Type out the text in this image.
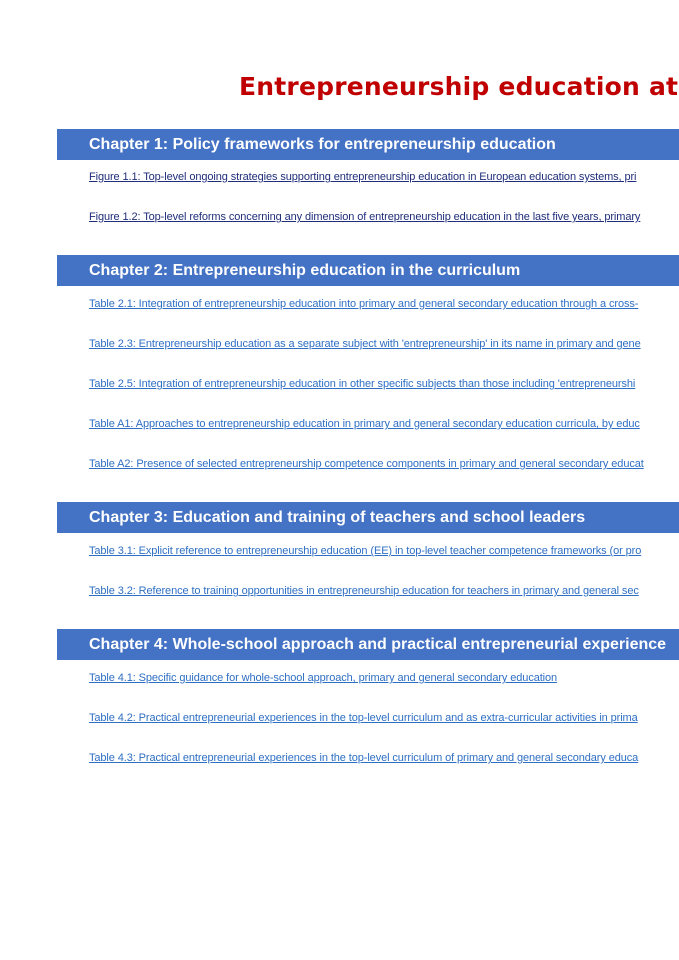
Entrepreneurship education at
Chapter 1: Policy frameworks for entrepreneurship education
Figure 1.1: Top-level ongoing strategies supporting entrepreneurship education in European education systems, pri
Figure 1.2: Top-level reforms concerning any dimension of entrepreneurship education in the last five years, primary
Chapter 2: Entrepreneurship education in the curriculum
Table 2.1: Integration of entrepreneurship education into primary and general secondary education through a cross-
Table 2.3: Entrepreneurship education as a separate subject with 'entrepreneurship' in its name in primary and gene
Table 2.5: Integration of entrepreneurship education in other specific subjects than those including 'entrepreneurshi
Table A1: Approaches to entrepreneurship education in primary and general secondary education curricula, by educ
Table A2: Presence of selected entrepreneurship competence components in primary and general secondary educat
Chapter 3: Education and training of teachers and school leaders
Table 3.1: Explicit reference to entrepreneurship education (EE) in top-level teacher competence frameworks (or pro
Table 3.2: Reference to training opportunities in entrepreneurship education for teachers in primary and general sec
Chapter 4: Whole-school approach and practical entrepreneurial experience
Table 4.1: Specific guidance for whole-school approach, primary and general secondary education
Table 4.2: Practical entrepreneurial experiences in the top-level curriculum and as extra-curricular activities in prima
Table 4.3: Practical entrepreneurial experiences in the top-level curriculum of primary and general secondary educa
